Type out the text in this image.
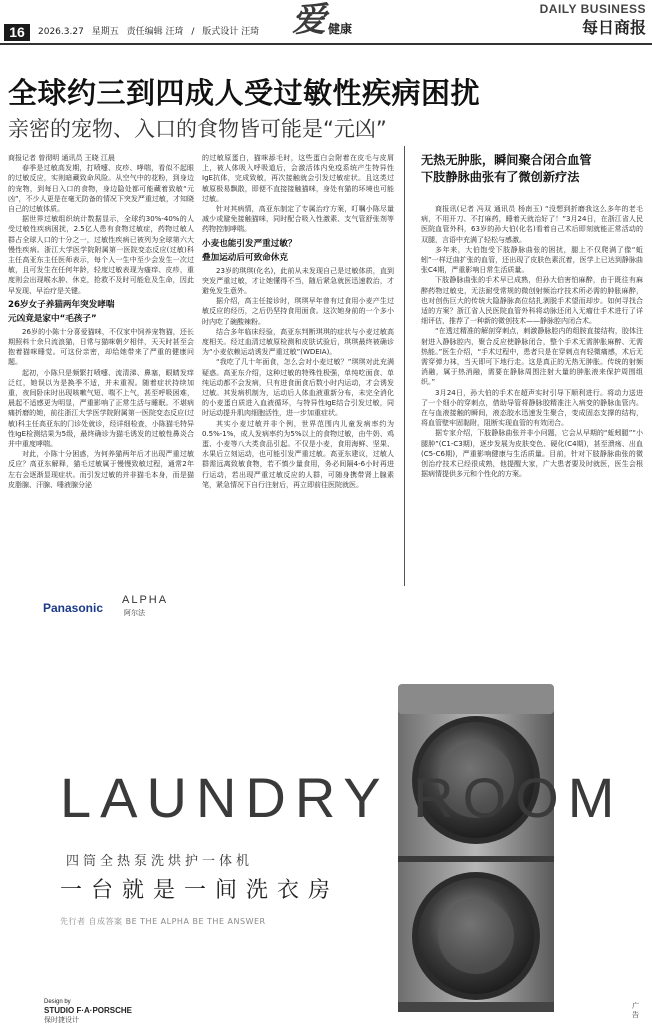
16	2026.3.27 星期五 责任编辑 汪琦 / 版式设计 汪琦 爱 健康
DAILY BUSINESS
每日商报
全球约三到四成人受过敏性疾病困扰
亲密的宠物、入口的食物皆可能是“元凶”

商报记者 曾彻明 通讯员 王晓 江晨

春季是过敏高发期，打喷嚏、皮疹、哮喘，看似不起眼的过敏反应，实则暗藏致命风险。从空气中的花粉，到身边的宠物，到每日入口的食物，身边隐处都可能藏着致敏“元凶”，不少人更是在毫无防备的情况下突发严重过敏，才知晓自己的过敏体质。

据世界过敏组织统计数据显示，全球约30%-40%的人受过敏性疾病困扰，2.5亿人患有食物过敏症，药物过敏人群占全球人口的十分之一，过敏性疾病已被列为全球第六大慢性疾病。浙江大学医学院附属第一医院变态反应(过敏)科主任高亚东主任医师表示，每个人一生中至少会发生一次过敏，且可发生在任何年龄，轻度过敏表现为瘙痒、皮疹，重度则会出现喉水肿、休克，抢救不及时可能危及生命，因此早发现、早治疗是关键。

26岁女子养猫两年突发哮喘

元凶竟是家中“毛孩子”

26岁的小陈十分喜爱猫咪，不仅家中饲养宠物猫，还长期照料十余只流浪猫，日常与猫咪朝夕相伴，天天时甚至会抱着猫咪睡觉。可这份亲密，却给她带来了严重的健康问题。

起初，小陈只是频繁打喷嚏、流清涕、鼻塞，眼睛发痒泛红，她误以为是换季不适，并未重视。随着症状持续加重，夜间卧床时出现咳嗽气短、喘不上气，甚至呼吸困难，晨起不适感更为明显，严重影响了正常生活与睡眠。不堪病痛折磨的她，前往浙江大学医学院附属第一医院变态反应(过敏)科主任高亚东的门诊处就诊，经详细检查，小陈猫毛特异性IgE检测结果为5级，最终确诊为猫毛诱发的过敏性鼻炎合并中重度哮喘。

对此，小陈十分困惑，为何养猫两年后才出现严重过敏反应？高亚东解释，猫毛过敏属于慢慢致敏过程，通常2年左右会逐渐显现症状。而引发过敏的并非猫毛本身，而是猫皮脂腺、汗腺、唾液腺分泌

的过敏原蛋白，猫咪舔毛时，这些蛋白会附着在皮毛与皮屑上，被人体吸入呼吸道后，会激活体内免疫系统产生特异性IgE抗体，完成致敏，再次接触就会引发过敏症状。且这类过敏原极易飘散，即便不直接接触猫咪，身处有猫的环境也可能过敏。

针对其病情，高亚东制定了专属治疗方案，叮嘱小陈尽量减少或避免接触猫咪，同时配合吸入性激素、支气管舒张剂等药物控制哮喘。

小麦也能引发严重过敏？

叠加运动后可致命休克

23岁的琪琪(化名)，此前从未发现自己是过敏体质，直到突发严重过敏，才让她懂得不当，随后紧急就医迅速救治，才避免发生意外。

据介绍，高主任接诊时，琪琪早年曾有过食用小麦产生过敏反应的经历，之后仍坚持食用面食。这次她身前的一个多小时内吃了碗酸辣粉。

结合多年临床经验，高亚东判断琪琪的症状与小麦过敏高度相关。经过血清过敏原检测和皮肤试验后，琪琪最终被确诊为“小麦依赖运动诱发严重过敏”(WDEIA)。

“我吃了几十年面食，怎么会对小麦过敏？”琪琪对此充满疑惑。高亚东介绍，这种过敏的特殊性极强，单纯吃面食、单纯运动都不会发病，只有进食面食后数小时内运动，才会诱发过敏。其发病机制为，运动后人体血液重新分布，未完全消化的小麦蛋白质进入血液循环，与特异性IgE结合引发过敏，同时运动提升肌肉细胞活性，进一步加重症状。

其实小麦过敏并非个例，世界范围内儿童发病率约为0.5%-1%，成人发病率约为5%以上的食物过敏，由牛奶、鸡蛋、小麦等八大类食品引起。不仅是小麦，食用海鲜、坚果、水果后立刻运动，也可能引发严重过敏。高亚东建议，过敏人群需远离致敏食物，若不慎少量食用，务必间隔4-6小时再进行运动，若出现严重过敏反应的人群，可随身携带肾上腺素笔，紧急情况下自行注射后，再立即前往医院就医。

无热无肿胀，瞬间聚合闭合血管
下肢静脉曲张有了微创新疗法

商报讯(记者 冯双 通讯员 杨南玉) “没想到折磨我这么多年的老毛病，不用开刀、不打麻药，睡着天就治好了！”3月24日，在浙江省人民医院血管外科，63岁的孙大伯(化名)看着自己术后即刻就能正常活动的双腿，言语中充满了轻松与感激。

多年来，大伯饱受下肢静脉曲张的困扰，腿上不仅爬满了像“蚯蚓”一样迂曲扩张的血管，还出现了皮肤色素沉着，医学上已达到静脉曲张C4期，严重影响日常生活质量。

下肢静脉曲张的手术早已成熟，但孙大伯害怕麻醉，由于既往有麻醉药物过敏史，无法耐受常规的微创射频治疗技术所必需的肿胀麻醉，也对创伤巨大的传统大隐静脉高位结扎剥脱手术望而却步。如何寻找合适的方案？浙江省人民医院血管外科将动脉还闭入无瘤仕手术进行了详细评估，推荐了一种新的微创技术——静脉腔内闭合术。

“在透过精准的解剖穿刺点，刺激静脉腔内的组胺直接结构，胶体注射进入静脉腔内，聚合反应使静脉闭合，整个手术无需肿胀麻醉、无需热能。”医生介绍，“手术过程中，患者只是在穿刺点有轻微痛感，术后无需穿弹力袜，当天即可下地行走。这是真正的无热无肿胀。传统的射频消融，属于热消融，需要在静脉周围注射大量的肿胀液来保护周围组织。”

3月24日，孙大伯的手术在超声实时引导下顺利进行。将动力送进了一个细小的穿刺点，借助导管将静脉胶精准注入病变的静脉血管内。在与血液接触的瞬间，液态胶水迅速发生聚合，变成固态支撑的结构，将血管壁牢固黏附，阻断实现血管的有效闭合。

据专家介绍，下肢静脉曲张并非小问题，它会从早期的“蚯蚓腿”“小腿肿”(C1-C3期)，逐步发展为皮肤变色、硬化(C4期)，甚至溃疡、出血(C5-C6期)，严重影响健康与生活质量。目前，针对下肢静脉曲张的微创治疗技术已经很成熟，他提醒大家，广大患者要及时就医，医生会根据病情提供多元和个性化的方案。

Panasonic
ALPHA
阿尔法
LAUNDRY ROOM
四筒全热泵洗烘护一体机
一台就是一间洗衣房
先行者 自成答案 BE THE ALPHA BE THE ANSWER
Design by
STUDIO F·A·PORSCHE
保时捷设计
广告
